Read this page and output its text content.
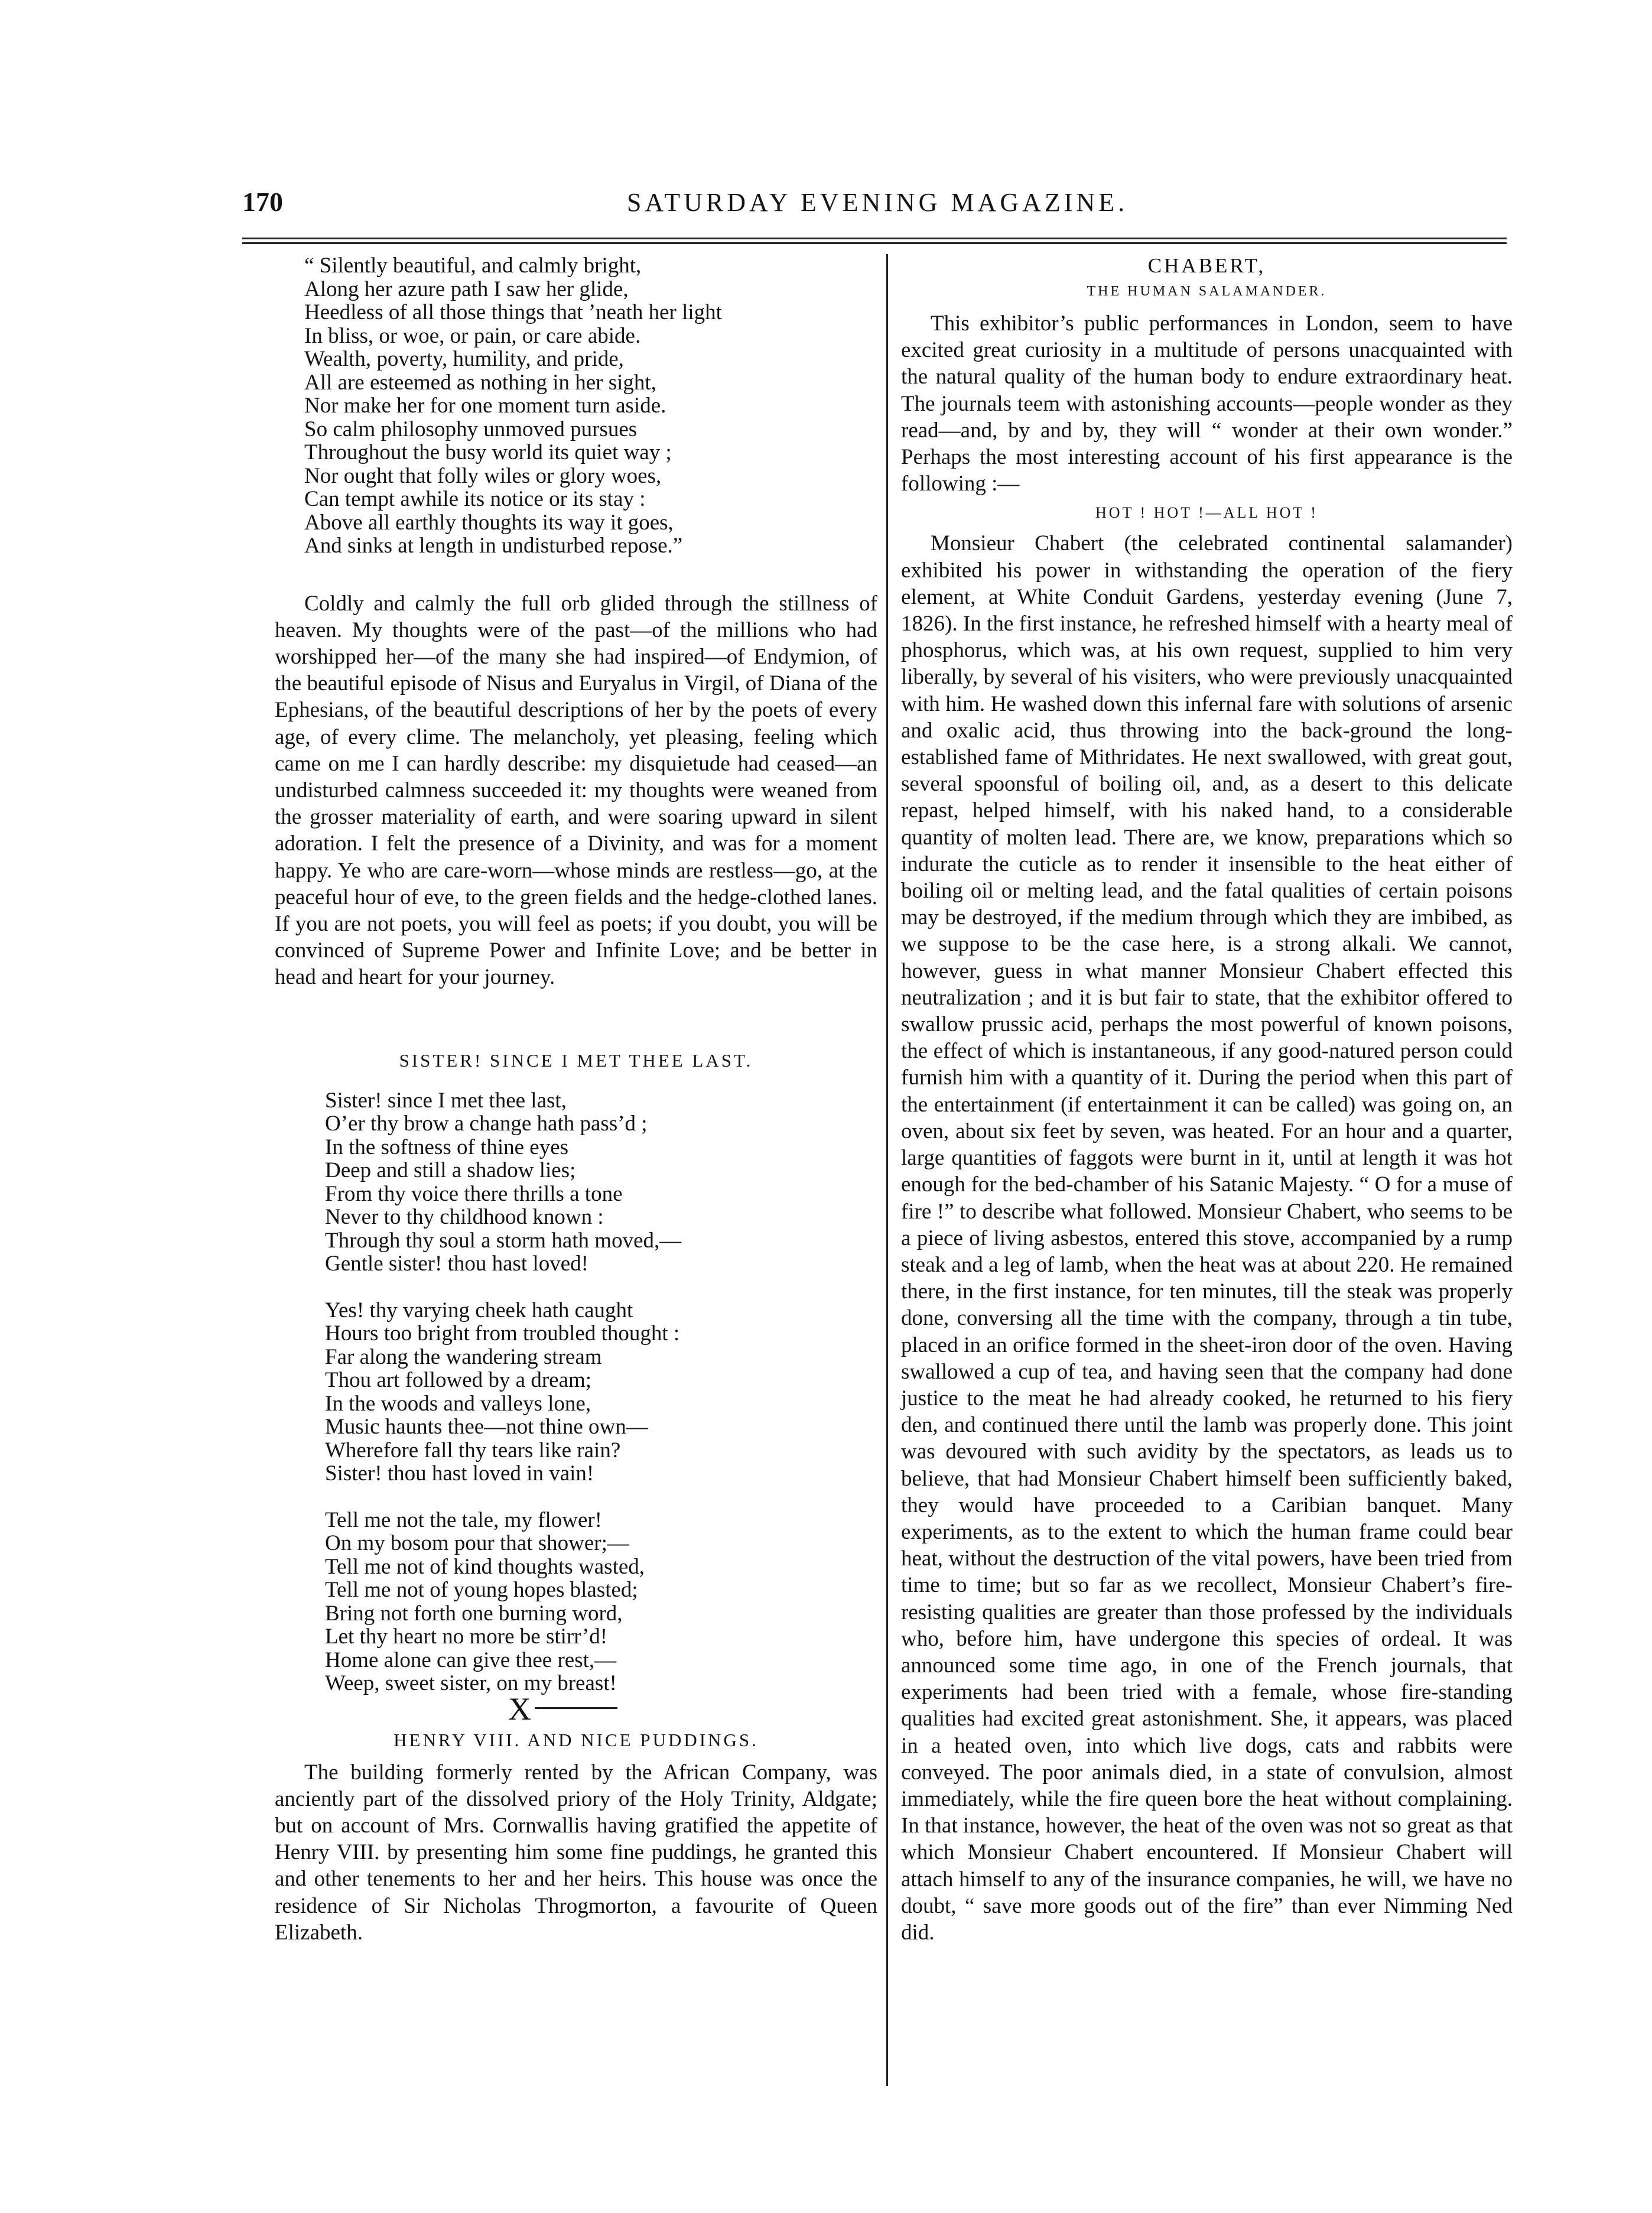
170	SATURDAY EVENING MAGAZINE.
“ Silently beautiful, and calmly bright,
Along her azure path I saw her glide,
Heedless of all those things that ’neath her light
In bliss, or woe, or pain, or care abide.
Wealth, poverty, humility, and pride,
All are esteemed as nothing in her sight,
Nor make her for one moment turn aside.
So calm philosophy unmoved pursues
Throughout the busy world its quiet way ;
Nor ought that folly wiles or glory woes,
Can tempt awhile its notice or its stay :
Above all earthly thoughts its way it goes,
And sinks at length in undisturbed repose.”

Coldly and calmly the full orb glided through the stillness of heaven. My thoughts were of the past—of the millions who had worshipped her—of the many she had inspired—of Endymion, of the beautiful episode of Nisus and Euryalus in Virgil, of Diana of the Ephesians, of the beautiful descriptions of her by the poets of every age, of every clime. The melancholy, yet pleasing, feeling which came on me I can hardly describe: my disquietude had ceased—an undisturbed calmness succeeded it: my thoughts were weaned from the grosser materiality of earth, and were soaring upward in silent adoration. I felt the presence of a Divinity, and was for a moment happy. Ye who are care-worn—whose minds are restless—go, at the peaceful hour of eve, to the green fields and the hedge-clothed lanes. If you are not poets, you will feel as poets; if you doubt, you will be convinced of Supreme Power and Infinite Love; and be better in head and heart for your journey.

SISTER! SINCE I MET THEE LAST.

Sister! since I met thee last,
O’er thy brow a change hath pass’d ;
In the softness of thine eyes
Deep and still a shadow lies;
From thy voice there thrills a tone
Never to thy childhood known :
Through thy soul a storm hath moved,—
Gentle sister! thou hast loved!
Yes! thy varying cheek hath caught
Hours too bright from troubled thought :
Far along the wandering stream
Thou art followed by a dream;
In the woods and valleys lone,
Music haunts thee—not thine own—
Wherefore fall thy tears like rain?
Sister! thou hast loved in vain!
Tell me not the tale, my flower!
On my bosom pour that shower;—
Tell me not of kind thoughts wasted,
Tell me not of young hopes blasted;
Bring not forth one burning word,
Let thy heart no more be stirr’d!
Home alone can give thee rest,—
Weep, sweet sister, on my breast!
X

HENRY VIII. AND NICE PUDDINGS.

The building formerly rented by the African Company, was anciently part of the dissolved priory of the Holy Trinity, Aldgate; but on account of Mrs. Cornwallis having gratified the appetite of Henry VIII. by presenting him some fine puddings, he granted this and other tenements to her and her heirs. This house was once the residence of Sir Nicholas Throgmorton, a favourite of Queen Elizabeth.

CHABERT,

THE HUMAN SALAMANDER.

This exhibitor’s public performances in London, seem to have excited great curiosity in a multitude of persons unacquainted with the natural quality of the human body to endure extraordinary heat. The journals teem with astonishing accounts—people wonder as they read—and, by and by, they will “ wonder at their own wonder.” Perhaps the most interesting account of his first appearance is the following :—

HOT ! HOT !—ALL HOT !

Monsieur Chabert (the celebrated continental salamander) exhibited his power in withstanding the operation of the fiery element, at White Conduit Gardens, yesterday evening (June 7, 1826). In the first instance, he refreshed himself with a hearty meal of phosphorus, which was, at his own request, supplied to him very liberally, by several of his visiters, who were previously unacquainted with him. He washed down this infernal fare with solutions of arsenic and oxalic acid, thus throwing into the back-ground the long-established fame of Mithridates. He next swallowed, with great gout, several spoonsful of boiling oil, and, as a desert to this delicate repast, helped himself, with his naked hand, to a considerable quantity of molten lead. There are, we know, preparations which so indurate the cuticle as to render it insensible to the heat either of boiling oil or melting lead, and the fatal qualities of certain poisons may be destroyed, if the medium through which they are imbibed, as we suppose to be the case here, is a strong alkali. We cannot, however, guess in what manner Monsieur Chabert effected this neutralization ; and it is but fair to state, that the exhibitor offered to swallow prussic acid, perhaps the most powerful of known poisons, the effect of which is instantaneous, if any good-natured person could furnish him with a quantity of it. During the period when this part of the entertainment (if entertainment it can be called) was going on, an oven, about six feet by seven, was heated. For an hour and a quarter, large quantities of faggots were burnt in it, until at length it was hot enough for the bed-chamber of his Satanic Majesty. “ O for a muse of fire !” to describe what followed. Monsieur Chabert, who seems to be a piece of living asbestos, entered this stove, accompanied by a rump steak and a leg of lamb, when the heat was at about 220. He remained there, in the first instance, for ten minutes, till the steak was properly done, conversing all the time with the company, through a tin tube, placed in an orifice formed in the sheet-iron door of the oven. Having swallowed a cup of tea, and having seen that the company had done justice to the meat he had already cooked, he returned to his fiery den, and continued there until the lamb was properly done. This joint was devoured with such avidity by the spectators, as leads us to believe, that had Monsieur Chabert himself been sufficiently baked, they would have proceeded to a Caribian banquet. Many experiments, as to the extent to which the human frame could bear heat, without the destruction of the vital powers, have been tried from time to time; but so far as we recollect, Monsieur Chabert’s fire-resisting qualities are greater than those professed by the individuals who, before him, have undergone this species of ordeal. It was announced some time ago, in one of the French journals, that experiments had been tried with a female, whose fire-standing qualities had excited great astonishment. She, it appears, was placed in a heated oven, into which live dogs, cats and rabbits were conveyed. The poor animals died, in a state of convulsion, almost immediately, while the fire queen bore the heat without complaining. In that instance, however, the heat of the oven was not so great as that which Monsieur Chabert encountered. If Monsieur Chabert will attach himself to any of the insurance companies, he will, we have no doubt, “ save more goods out of the fire” than ever Nimming Ned did.
